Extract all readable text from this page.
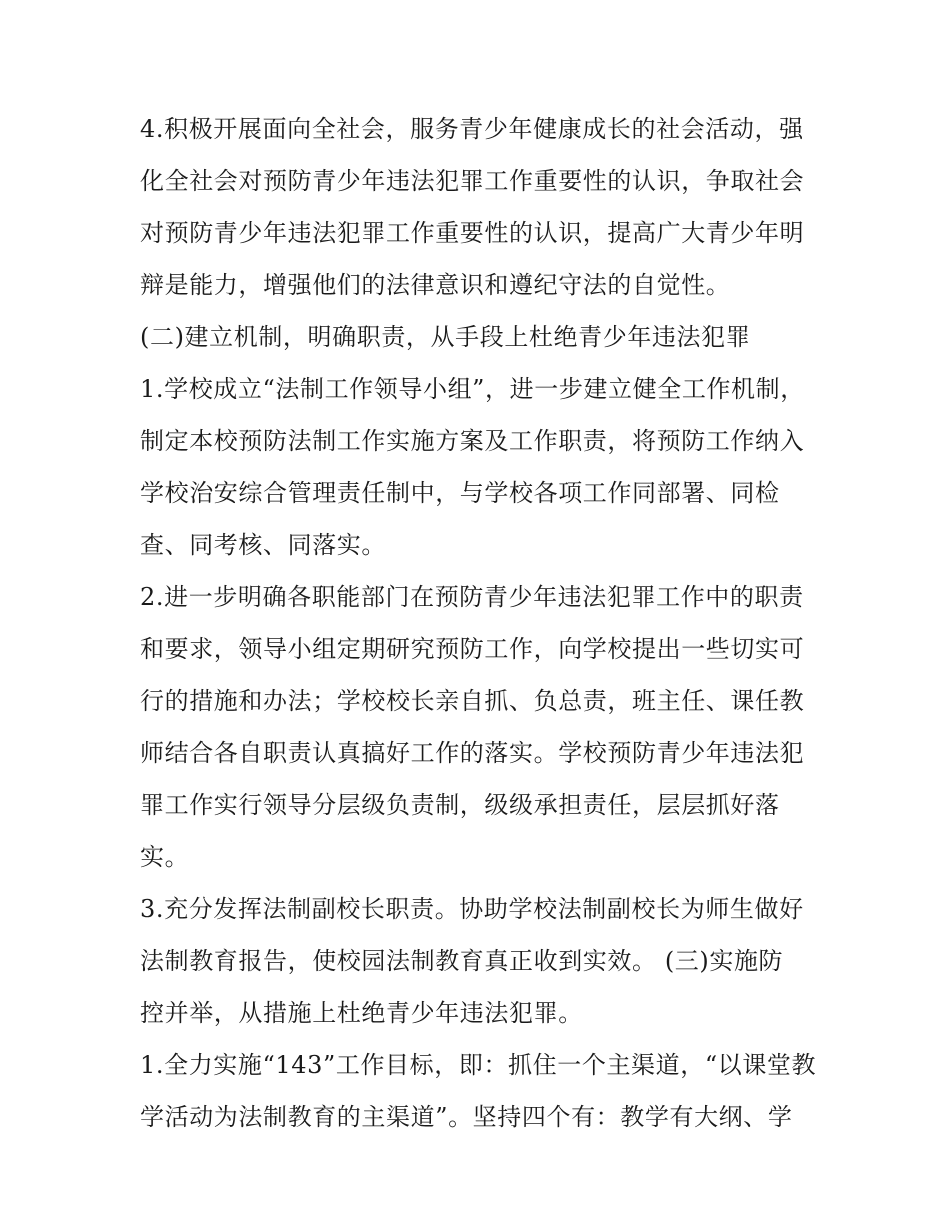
4.积极开展面向全社会，服务青少年健康成长的社会活动，强
化全社会对预防青少年违法犯罪工作重要性的认识，争取社会
对预防青少年违法犯罪工作重要性的认识，提高广大青少年明
辩是能力，增强他们的法律意识和遵纪守法的自觉性。
(二)建立机制，明确职责，从手段上杜绝青少年违法犯罪
1.学校成立“法制工作领导小组”，进一步建立健全工作机制，
制定本校预防法制工作实施方案及工作职责，将预防工作纳入
学校治安综合管理责任制中，与学校各项工作同部署、同检
查、同考核、同落实。
2.进一步明确各职能部门在预防青少年违法犯罪工作中的职责
和要求，领导小组定期研究预防工作，向学校提出一些切实可
行的措施和办法；学校校长亲自抓、负总责，班主任、课任教
师结合各自职责认真搞好工作的落实。学校预防青少年违法犯
罪工作实行领导分层级负责制，级级承担责任，层层抓好落
实。
3.充分发挥法制副校长职责。协助学校法制副校长为师生做好
法制教育报告，使校园法制教育真正收到实效。 (三)实施防
控并举，从措施上杜绝青少年违法犯罪。
1.全力实施“143”工作目标，即：抓住一个主渠道，“以课堂教
学活动为法制教育的主渠道”。坚持四个有：教学有大纲、学
